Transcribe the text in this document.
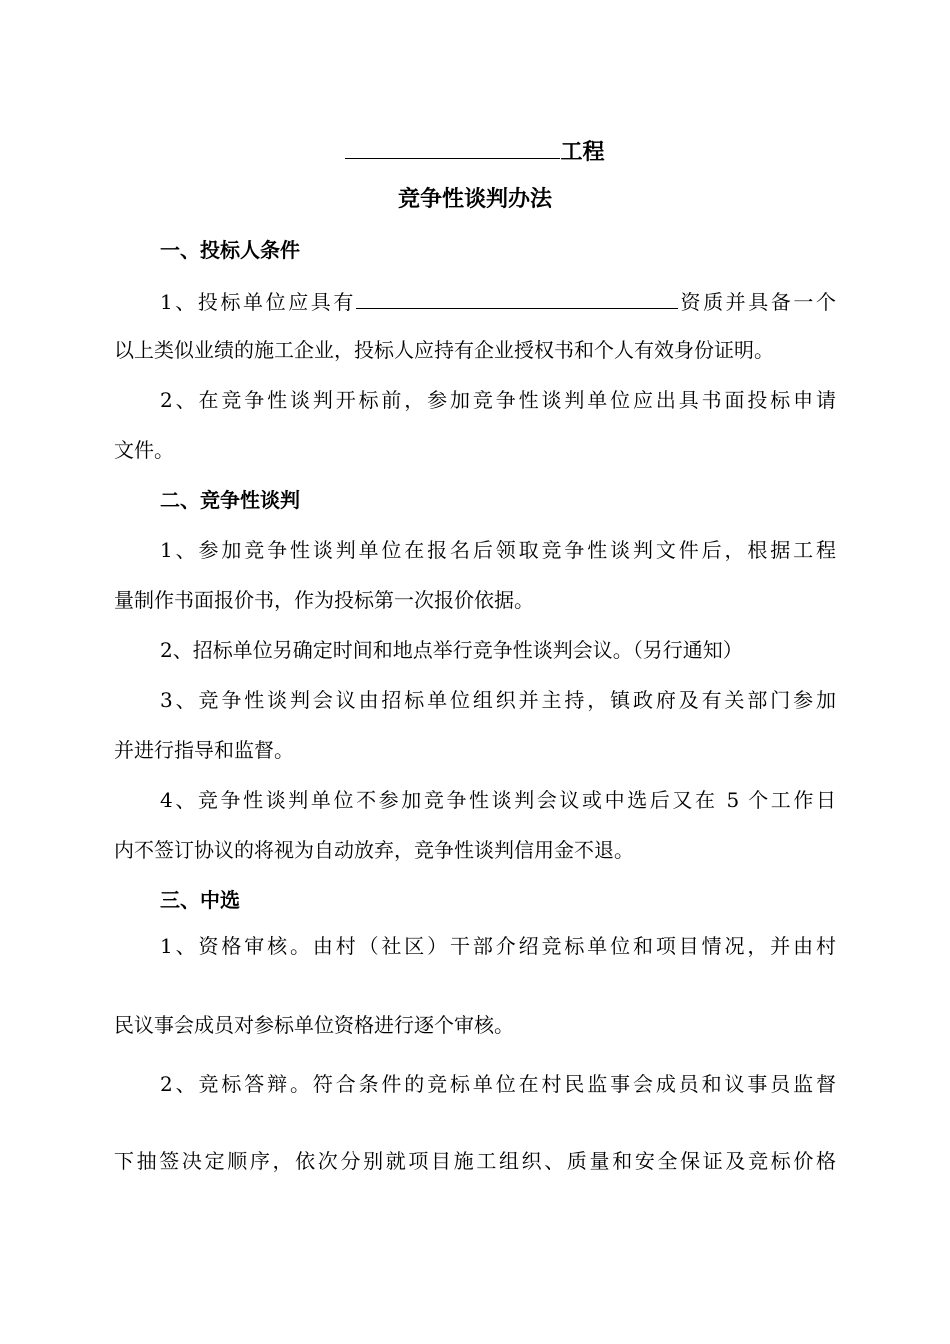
工程
竞争性谈判办法
一、投标人条件
1、投标单位应具有	资质并具备一个
以上类似业绩的施工企业，投标人应持有企业授权书和个人有效身份证明。
2、在竞争性谈判开标前，参加竞争性谈判单位应出具书面投标申请
文件。
二、竞争性谈判
1、参加竞争性谈判单位在报名后领取竞争性谈判文件后，根据工程
量制作书面报价书，作为投标第一次报价依据。
2、招标单位另确定时间和地点举行竞争性谈判会议。（另行通知）
3、竞争性谈判会议由招标单位组织并主持，镇政府及有关部门参加
并进行指导和监督。
4、竞争性谈判单位不参加竞争性谈判会议或中选后又在 5 个工作日
内不签订协议的将视为自动放弃，竞争性谈判信用金不退。
三、中选
1、资格审核。由村（社区）干部介绍竞标单位和项目情况，并由村
民议事会成员对参标单位资格进行逐个审核。
2、竞标答辩。符合条件的竞标单位在村民监事会成员和议事员监督
下抽签决定顺序，依次分别就项目施工组织、质量和安全保证及竞标价格
